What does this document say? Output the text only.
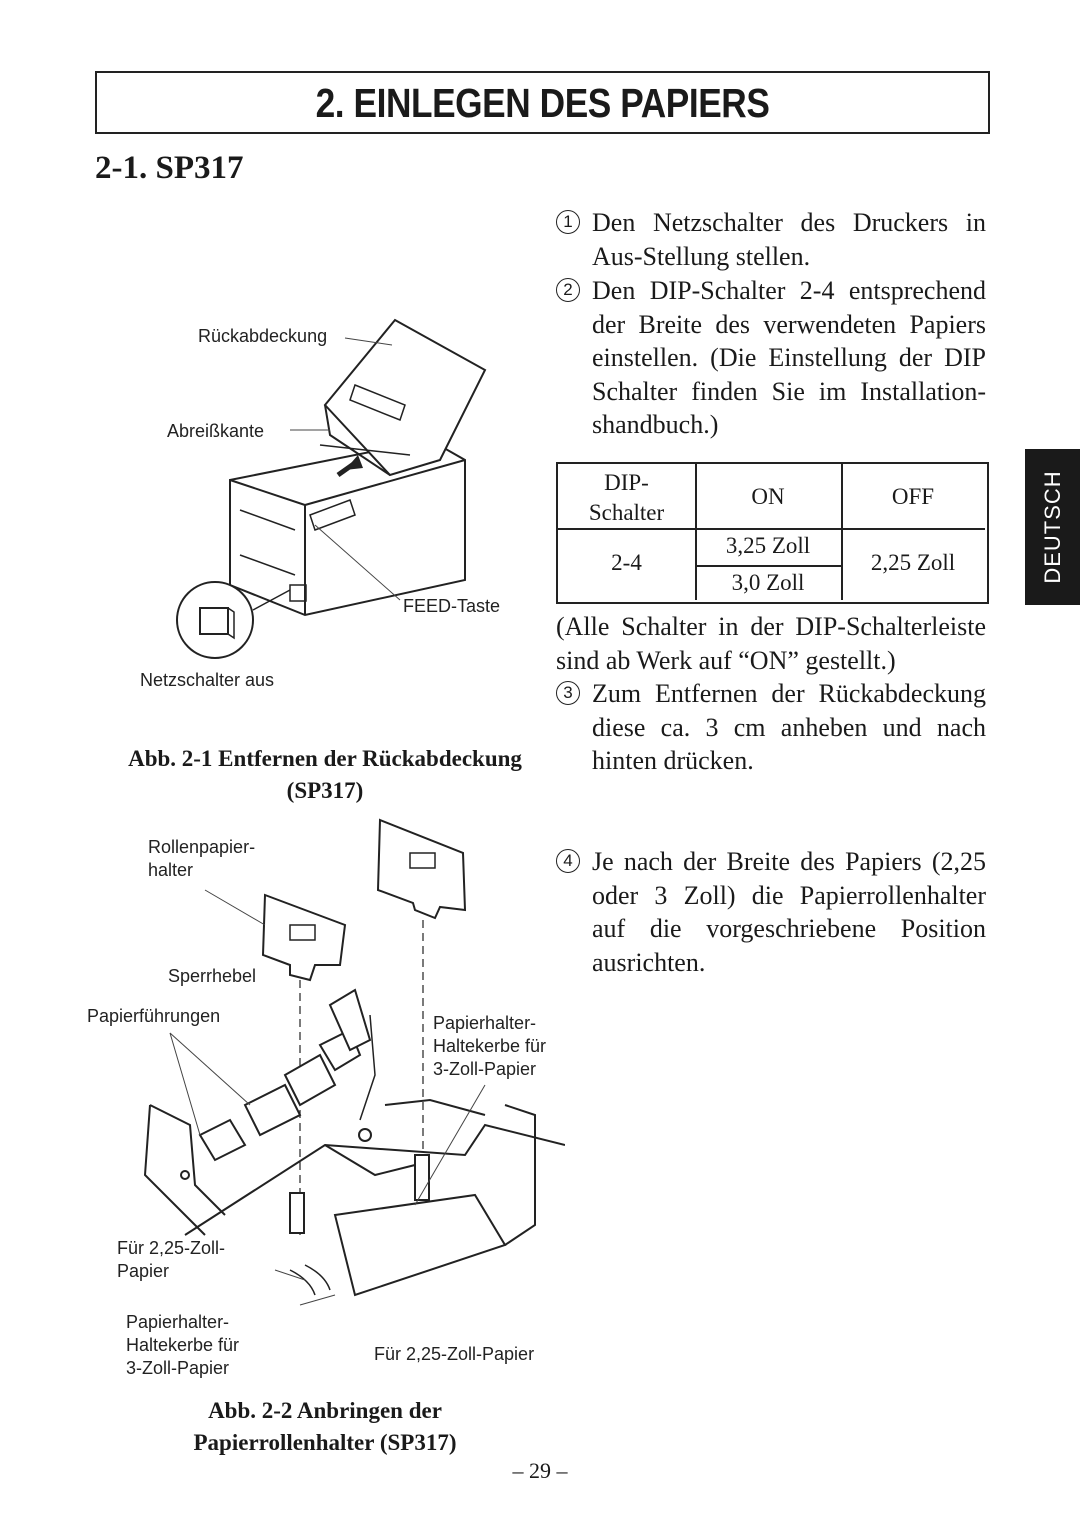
2. EINLEGEN DES PAPIERS
2-1. SP317
1 Den Netzschalter des Druckers in Aus-Stellung stellen.
2 Den DIP-Schalter 2-4 entsprechend der Breite des verwendeten Papiers einstellen. (Die Einstellung der DIP Schalter finden Sie im Installation-shandbuch.)
DIP-
Schalter
ON	OFF
2-4
3,25 Zoll
3,0 Zoll
2,25 Zoll
(Alle Schalter in der DIP-Schalterleiste sind ab Werk auf “ON” gestellt.)
3 Zum Entfernen der Rückabdeckung diese ca. 3 cm anheben und nach hinten drücken.
4 Je nach der Breite des Papiers (2,25 oder 3 Zoll) die Papierrollenhalter auf die vorgeschriebene Position ausrichten.
Rückabdeckung
Abreißkante
FEED-Taste
Netzschalter aus
Abb. 2-1 Entfernen der Rückabdeckung
(SP317)
Rollenpapier-
halter
Sperrhebel
Papierführungen	Papierhalter-
Haltekerbe für
3-Zoll-Papier
Für 2,25-Zoll-
Papier
Papierhalter-
Haltekerbe für
3-Zoll-Papier
Für 2,25-Zoll-Papier
Abb. 2-2 Anbringen der
Papierrollenhalter (SP317)
DEUTSCH
– 29 –
